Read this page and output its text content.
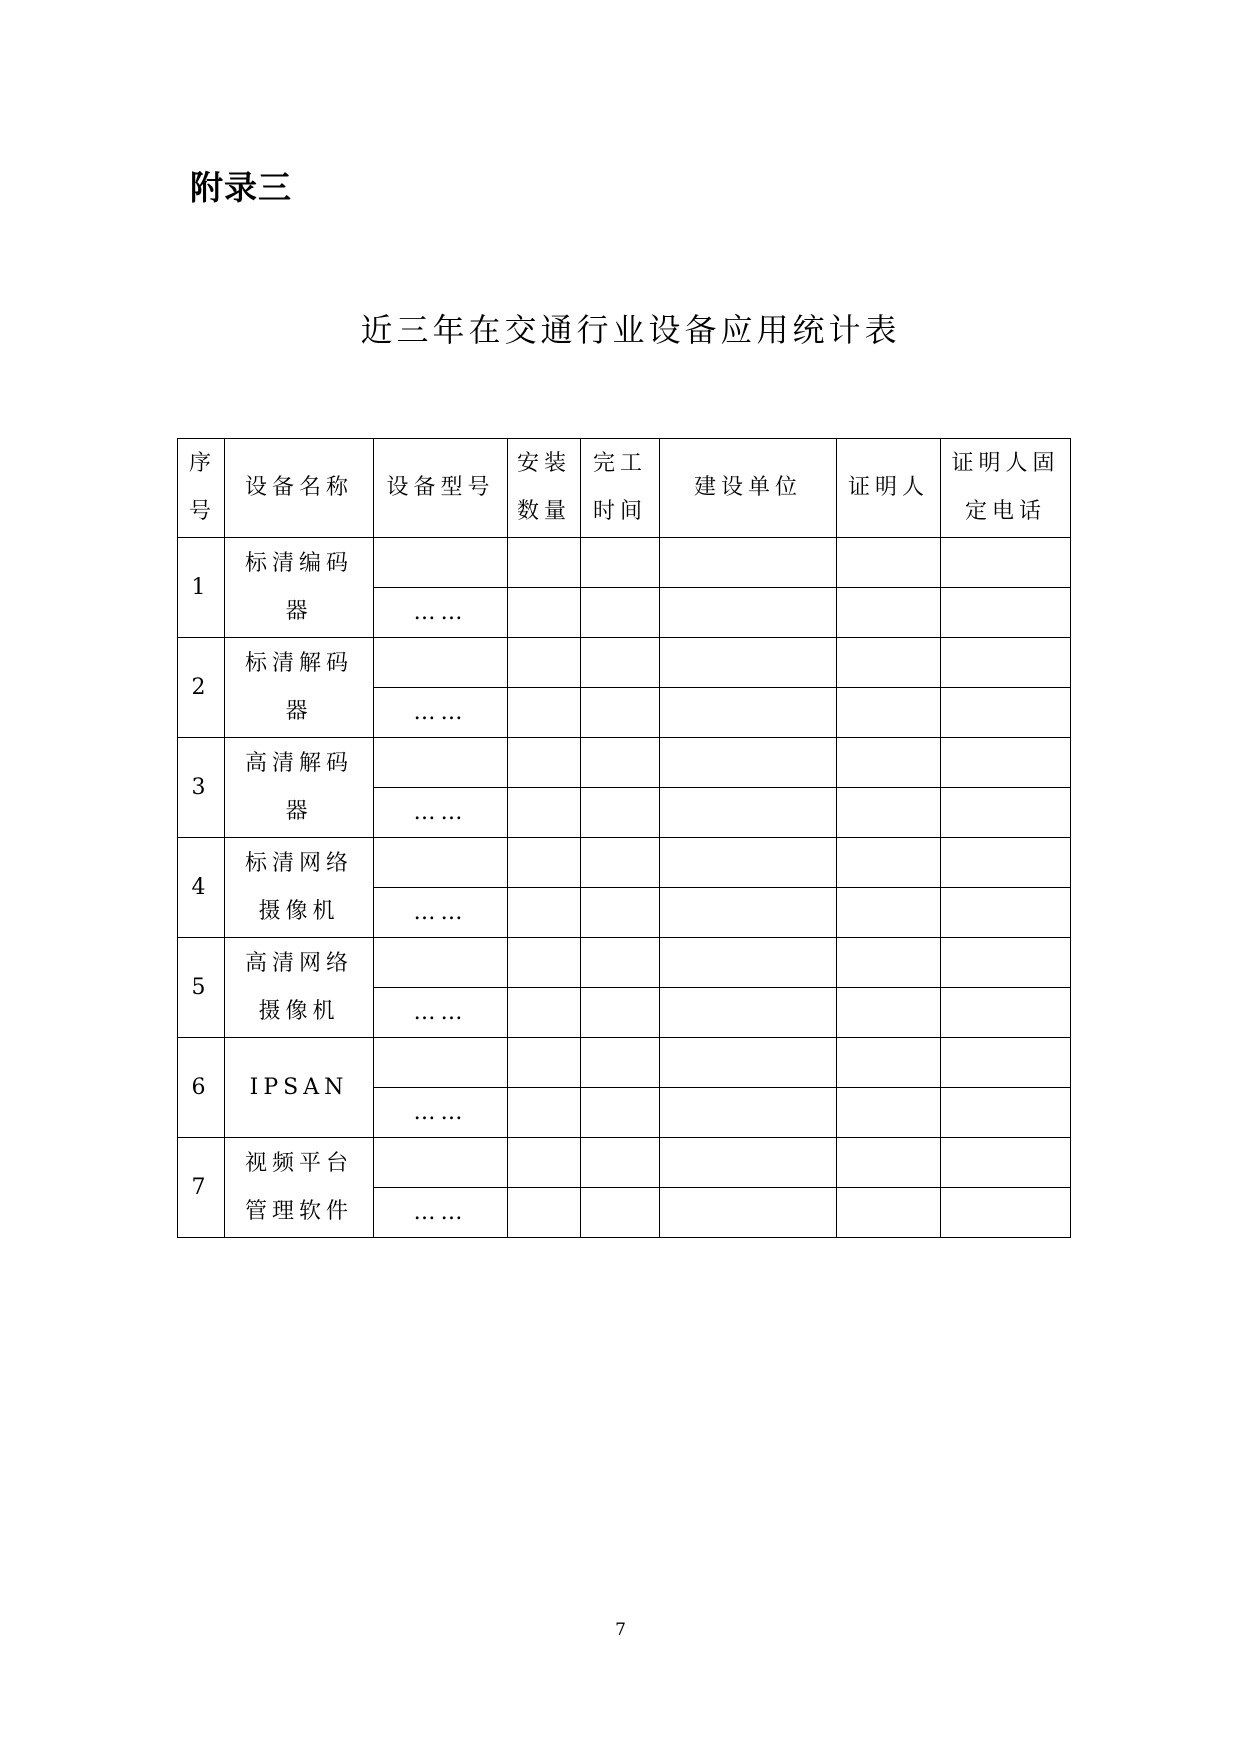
附录三
近三年在交通行业设备应用统计表
序号	设备名称	设备型号	安装数量	完工时间	建设单位	证明人	证明人固定电话
1	标清编码器						
		……					
2	标清解码器						
		……					
3	高清解码器						
		……					
4	标清网络摄像机						
		……					
5	高清网络摄像机						
		……					
6	IPSAN						
		……					
7	视频平台管理软件						
		……					
7
